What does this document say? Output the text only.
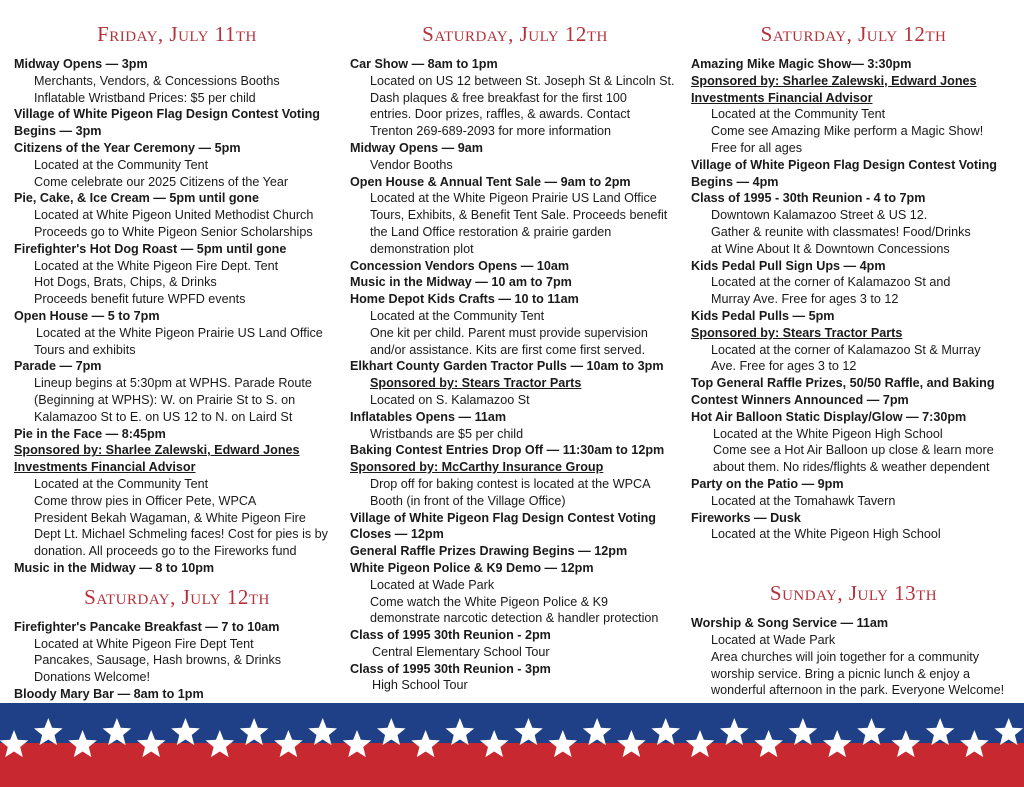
Friday, July 11th
Midway Opens — 3pm
Merchants, Vendors, & Concessions Booths
Inflatable Wristband Prices: $5 per child
Village of White Pigeon Flag Design Contest Voting
Begins — 3pm
Citizens of the Year Ceremony — 5pm
Located at the Community Tent
Come celebrate our 2025 Citizens of the Year
Pie, Cake, & Ice Cream — 5pm until gone
Located at White Pigeon United Methodist Church
Proceeds go to White Pigeon Senior Scholarships
Firefighter's Hot Dog Roast — 5pm until gone
Located at the White Pigeon Fire Dept. Tent
Hot Dogs, Brats, Chips, & Drinks
Proceeds benefit future WPFD events
Open House — 5 to 7pm
Located at the White Pigeon Prairie US Land Office
Tours and exhibits
Parade — 7pm
Lineup begins at 5:30pm at WPHS. Parade Route
(Beginning at WPHS): W. on Prairie St to S. on
Kalamazoo St to E. on US 12 to N. on Laird St
Pie in the Face — 8:45pm
Sponsored by: Sharlee Zalewski, Edward Jones
Investments Financial Advisor
Located at the Community Tent
Come throw pies in Officer Pete, WPCA
President Bekah Wagaman, & White Pigeon Fire
Dept Lt. Michael Schmeling faces! Cost for pies is by
donation. All proceeds go to the Fireworks fund
Music in the Midway — 8 to 10pm
Saturday, July 12th
Firefighter's Pancake Breakfast — 7 to 10am
Located at White Pigeon Fire Dept Tent
Pancakes, Sausage, Hash browns, & Drinks
Donations Welcome!
Bloody Mary Bar — 8am to 1pm
Saturday, July 12th
Car Show — 8am to 1pm
Located on US 12 between St. Joseph St & Lincoln St.
Dash plaques & free breakfast for the first 100
entries. Door prizes, raffles, & awards. Contact
Trenton 269-689-2093 for more information
Midway Opens — 9am
Vendor Booths
Open House & Annual Tent Sale — 9am to 2pm
Located at the White Pigeon Prairie US Land Office
Tours, Exhibits, & Benefit Tent Sale. Proceeds benefit
the Land Office restoration & prairie garden
demonstration plot
Concession Vendors Opens — 10am
Music in the Midway — 10 am to 7pm
Home Depot Kids Crafts — 10 to 11am
Located at the Community Tent
One kit per child. Parent must provide supervision
and/or assistance. Kits are first come first served.
Elkhart County Garden Tractor Pulls — 10am to 3pm
Sponsored by: Stears Tractor Parts
Located on S. Kalamazoo St
Inflatables Opens — 11am
Wristbands are $5 per child
Baking Contest Entries Drop Off — 11:30am to 12pm
Sponsored by: McCarthy Insurance Group
Drop off for baking contest is located at the WPCA
Booth (in front of the Village Office)
Village of White Pigeon Flag Design Contest Voting
Closes — 12pm
General Raffle Prizes Drawing Begins — 12pm
White Pigeon Police & K9 Demo — 12pm
Located at Wade Park
Come watch the White Pigeon Police & K9
demonstrate narcotic detection & handler protection
Class of 1995 30th Reunion - 2pm
Central Elementary School Tour
Class of 1995 30th Reunion - 3pm
High School Tour
Saturday, July 12th
Amazing Mike Magic Show— 3:30pm
Sponsored by: Sharlee Zalewski, Edward Jones
Investments Financial Advisor
Located at the Community Tent
Come see Amazing Mike perform a Magic Show!
Free for all ages
Village of White Pigeon Flag Design Contest Voting
Begins — 4pm
Class of 1995 - 30th Reunion - 4 to 7pm
Downtown Kalamazoo Street & US 12.
Gather & reunite with classmates! Food/Drinks
at Wine About It & Downtown Concessions
Kids Pedal Pull Sign Ups — 4pm
Located at the corner of Kalamazoo St and
Murray Ave. Free for ages 3 to 12
Kids Pedal Pulls — 5pm
Sponsored by: Stears Tractor Parts
Located at the corner of Kalamazoo St & Murray
Ave. Free for ages 3 to 12
Top General Raffle Prizes, 50/50 Raffle, and Baking
Contest Winners Announced — 7pm
Hot Air Balloon Static Display/Glow — 7:30pm
Located at the White Pigeon High School
Come see a Hot Air Balloon up close & learn more
about them. No rides/flights & weather dependent
Party on the Patio — 9pm
Located at the Tomahawk Tavern
Fireworks — Dusk
Located at the White Pigeon High School
Sunday, July 13th
Worship & Song Service — 11am
Located at Wade Park
Area churches will join together for a community
worship service. Bring a picnic lunch & enjoy a
wonderful afternoon in the park. Everyone Welcome!
